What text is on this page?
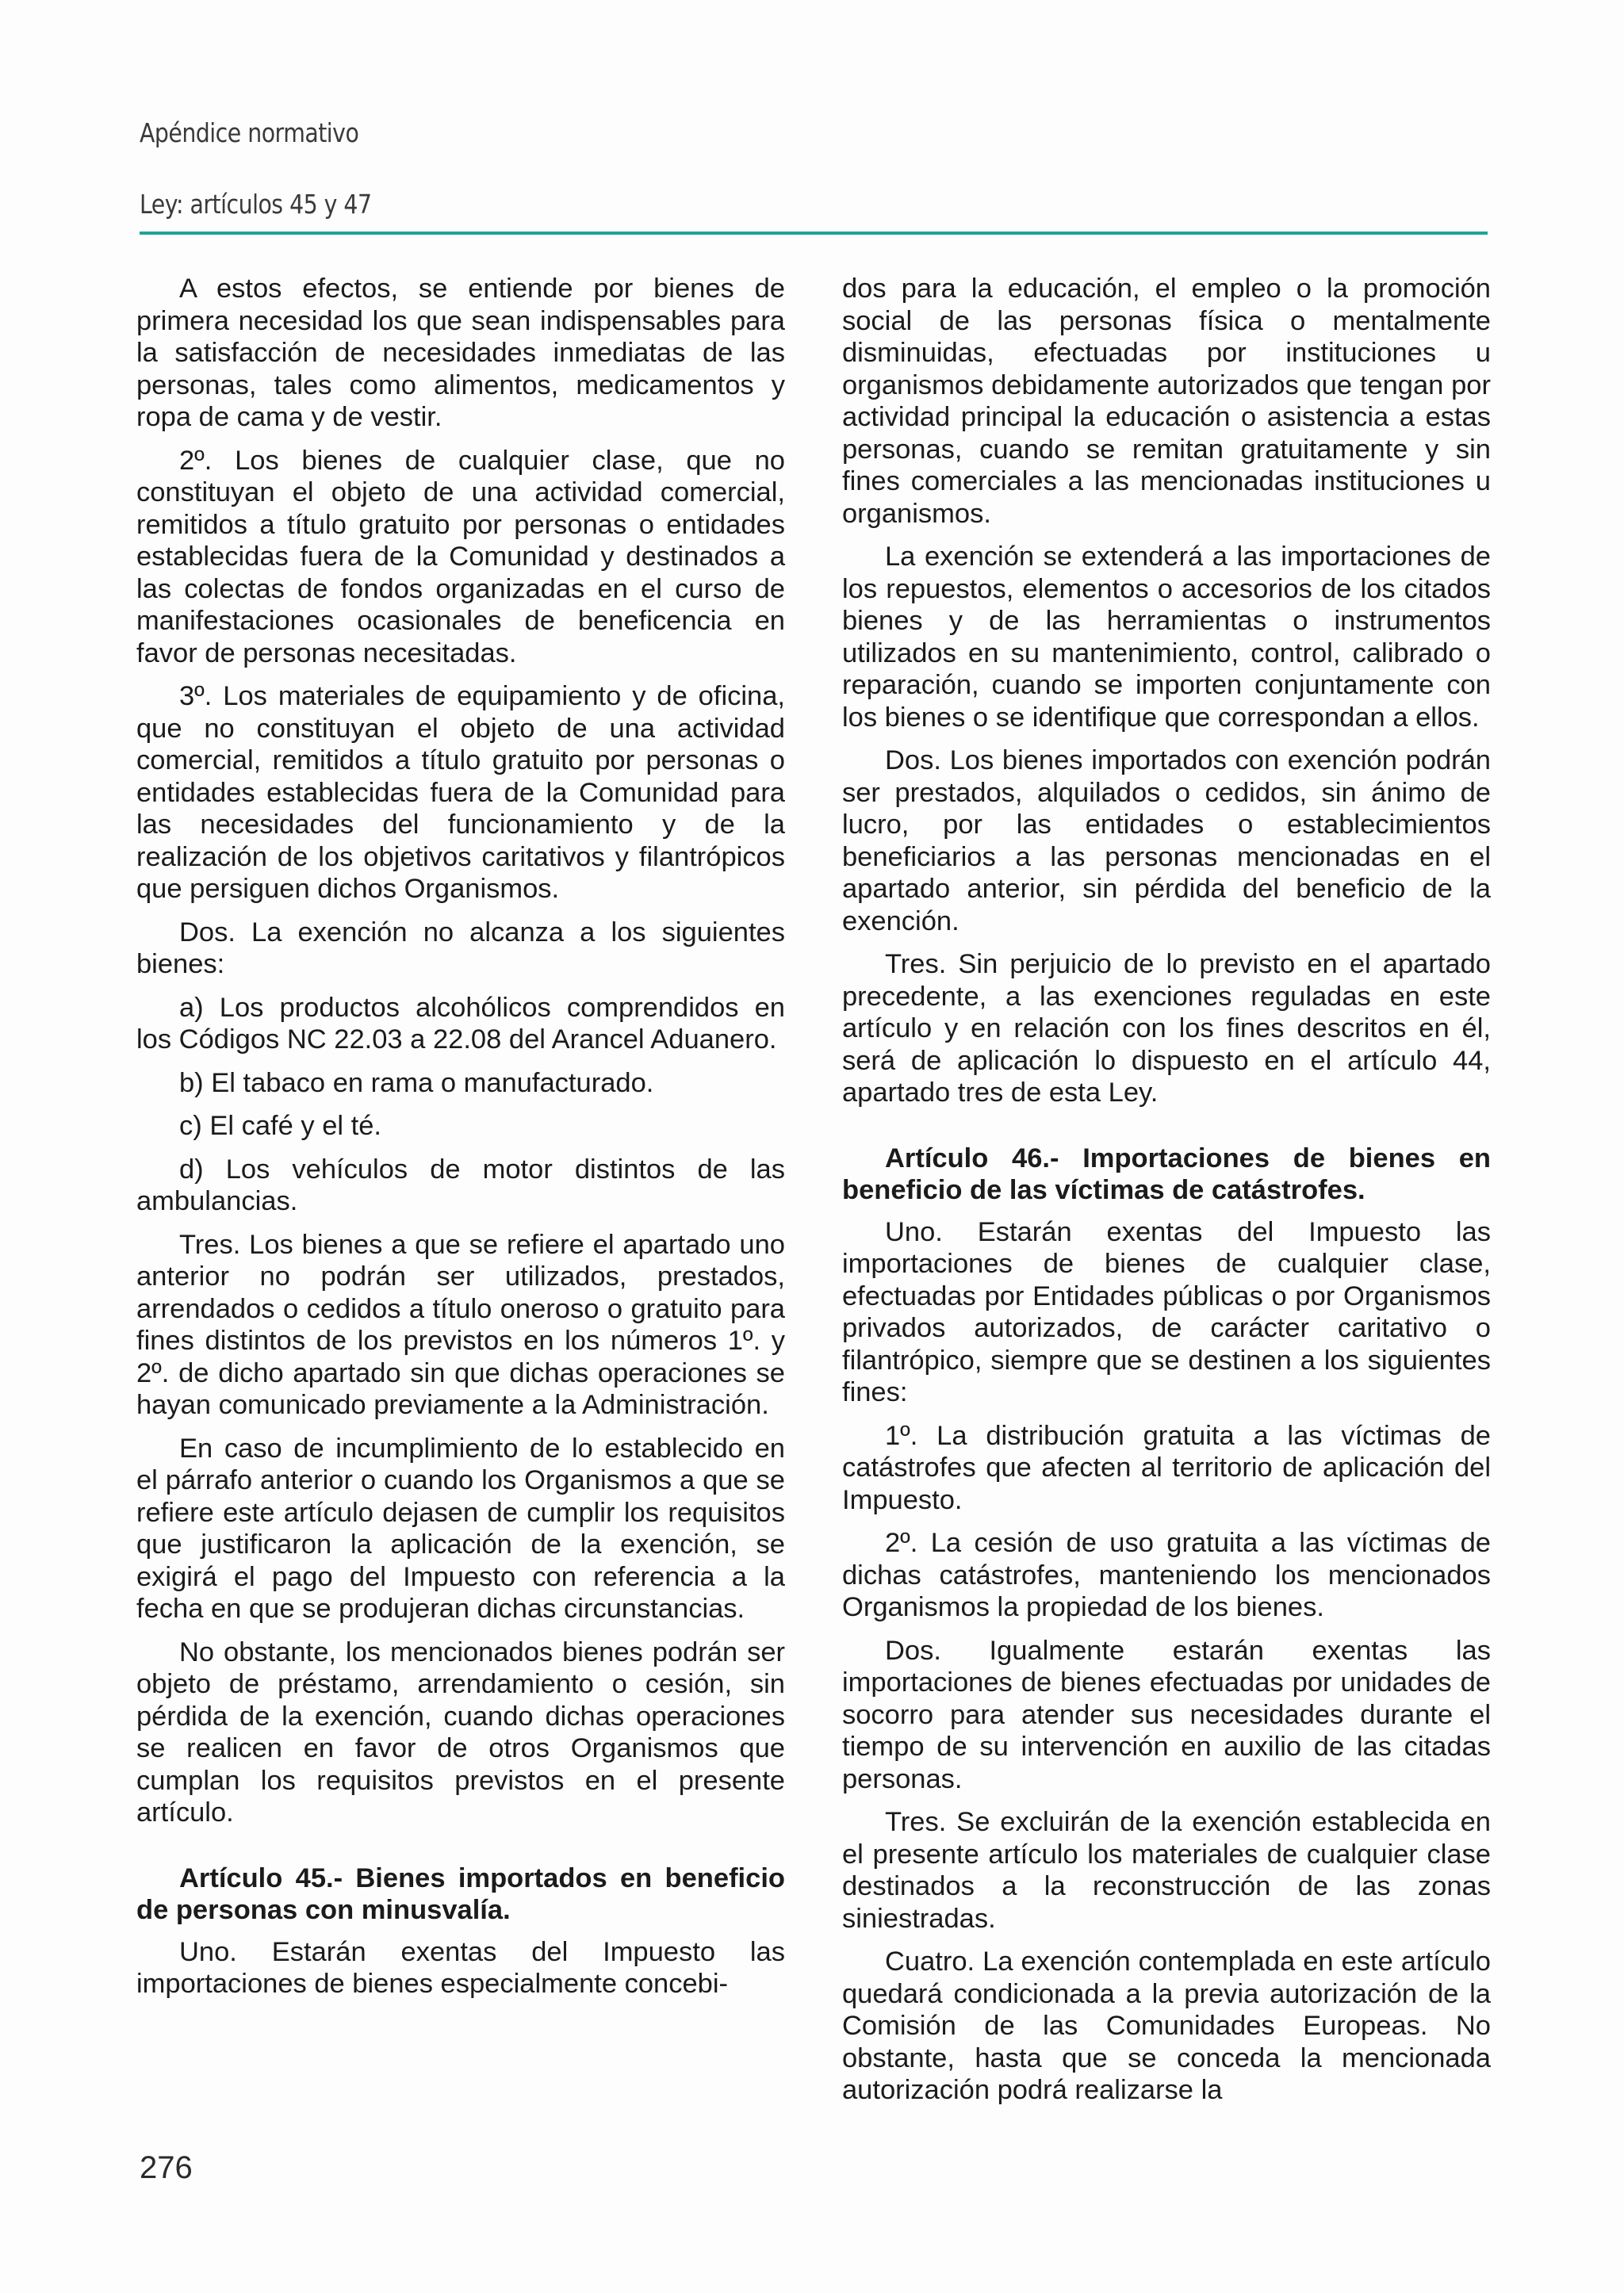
Apéndice normativo
Ley: artículos 45 y 47

A estos efectos, se entiende por bienes de primera necesidad los que sean indispensables para la satisfacción de necesidades inmediatas de las personas, tales como alimentos, medicamentos y ropa de cama y de vestir.

2º. Los bienes de cualquier clase, que no constituyan el objeto de una actividad comercial, remitidos a título gratuito por personas o entidades establecidas fuera de la Comunidad y destinados a las colectas de fondos organizadas en el curso de manifestaciones ocasionales de beneficencia en favor de personas necesitadas.

3º. Los materiales de equipamiento y de oficina, que no constituyan el objeto de una actividad comercial, remitidos a título gratuito por personas o entidades establecidas fuera de la Comunidad para las necesidades del funcionamiento y de la realización de los objetivos caritativos y filantrópicos que persiguen dichos Organismos.

Dos. La exención no alcanza a los siguientes bienes:

a) Los productos alcohólicos comprendidos en los Códigos NC 22.03 a 22.08 del Arancel Aduanero.

b) El tabaco en rama o manufacturado.

c) El café y el té.

d) Los vehículos de motor distintos de las ambulancias.

Tres. Los bienes a que se refiere el apartado uno anterior no podrán ser utilizados, prestados, arrendados o cedidos a título oneroso o gratuito para fines distintos de los previstos en los números 1º. y 2º. de dicho apartado sin que dichas operaciones se hayan comunicado previamente a la Administración.

En caso de incumplimiento de lo establecido en el párrafo anterior o cuando los Organismos a que se refiere este artículo dejasen de cumplir los requisitos que justificaron la aplicación de la exención, se exigirá el pago del Impuesto con referencia a la fecha en que se produjeran dichas circunstancias.

No obstante, los mencionados bienes podrán ser objeto de préstamo, arrendamiento o cesión, sin pérdida de la exención, cuando dichas operaciones se realicen en favor de otros Organismos que cumplan los requisitos previstos en el presente artículo.

Artículo 45.- Bienes importados en beneficio de personas con minusvalía.

Uno. Estarán exentas del Impuesto las importaciones de bienes especialmente concebi-

dos para la educación, el empleo o la promoción social de las personas física o mentalmente disminuidas, efectuadas por instituciones u organismos debidamente autorizados que tengan por actividad principal la educación o asistencia a estas personas, cuando se remitan gratuitamente y sin fines comerciales a las mencionadas instituciones u organismos.

La exención se extenderá a las importaciones de los repuestos, elementos o accesorios de los citados bienes y de las herramientas o instrumentos utilizados en su mantenimiento, control, calibrado o reparación, cuando se importen conjuntamente con los bienes o se identifique que correspondan a ellos.

Dos. Los bienes importados con exención podrán ser prestados, alquilados o cedidos, sin ánimo de lucro, por las entidades o establecimientos beneficiarios a las personas mencionadas en el apartado anterior, sin pérdida del beneficio de la exención.

Tres. Sin perjuicio de lo previsto en el apartado precedente, a las exenciones reguladas en este artículo y en relación con los fines descritos en él, será de aplicación lo dispuesto en el artículo 44, apartado tres de esta Ley.

Artículo 46.- Importaciones de bienes en beneficio de las víctimas de catástrofes.

Uno. Estarán exentas del Impuesto las importaciones de bienes de cualquier clase, efectuadas por Entidades públicas o por Organismos privados autorizados, de carácter caritativo o filantrópico, siempre que se destinen a los siguientes fines:

1º. La distribución gratuita a las víctimas de catástrofes que afecten al territorio de aplicación del Impuesto.

2º. La cesión de uso gratuita a las víctimas de dichas catástrofes, manteniendo los mencionados Organismos la propiedad de los bienes.

Dos. Igualmente estarán exentas las importaciones de bienes efectuadas por unidades de socorro para atender sus necesidades durante el tiempo de su intervención en auxilio de las citadas personas.

Tres. Se excluirán de la exención establecida en el presente artículo los materiales de cualquier clase destinados a la reconstrucción de las zonas siniestradas.

Cuatro. La exención contemplada en este artículo quedará condicionada a la previa autorización de la Comisión de las Comunidades Europeas. No obstante, hasta que se conceda la mencionada autorización podrá realizarse la

276
